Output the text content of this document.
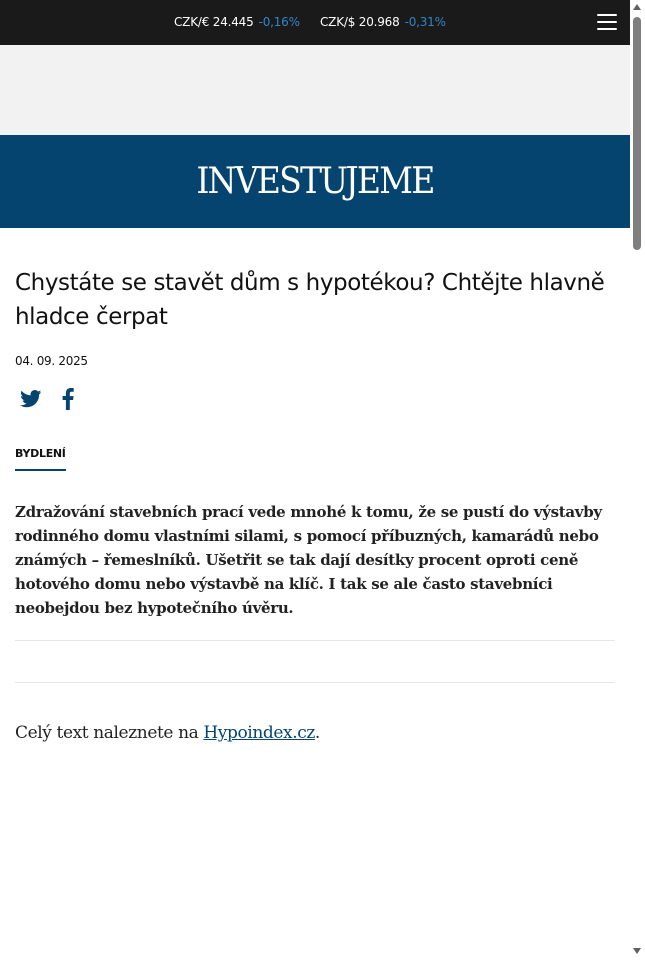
CZK/€ 24.445 -0,16% CZK/$ 20.968 -0,31%
INVESTUJEME
Chystáte se stavět dům s hypotékou? Chtějte hlavně hladce čerpat
04. 09. 2025
BYDLENÍ

Zdražování stavebních prací vede mnohé k tomu, že se pustí do výstavby rodinného domu vlastními silami, s pomocí příbuzných, kamarádů nebo známých – řemeslníků. Ušetřit se tak dají desítky procent oproti ceně hotového domu nebo výstavbě na klíč. I tak se ale často stavebníci neobejdou bez hypotečního úvěru.

Celý text naleznete na Hypoindex.cz.
